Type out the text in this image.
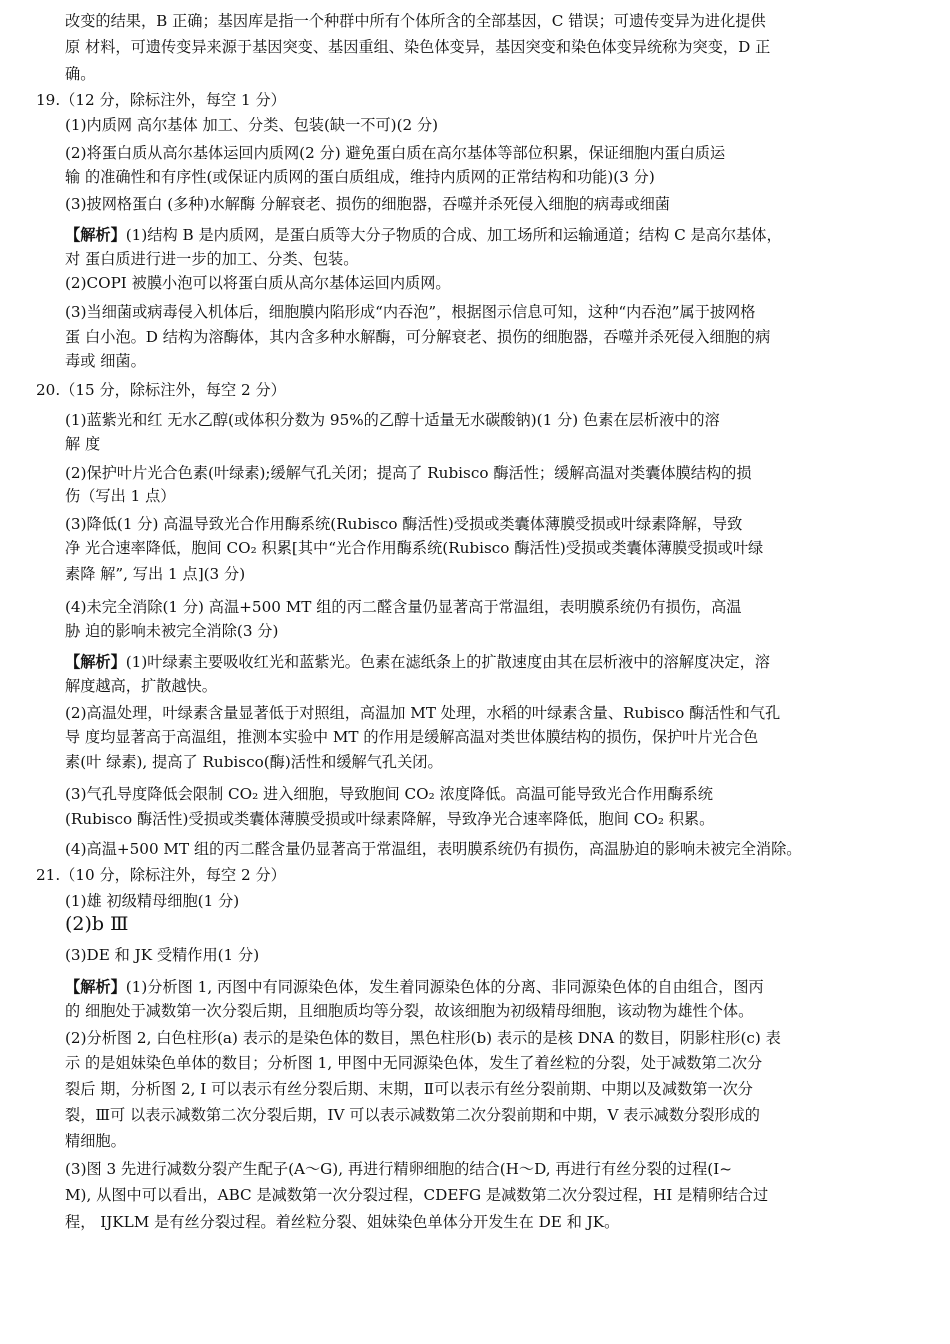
改变的结果，B 正确；基因库是指一个种群中所有个体所含的全部基因，C 错误；可遗传变异为进化提供
原 材料，可遗传变异来源于基因突变、基因重组、染色体变异，基因突变和染色体变异统称为突变，D 正
确。
19.（12 分，除标注外，每空 1 分）
(1)内质网 高尔基体 加工、分类、包装(缺一不可)(2 分)
(2)将蛋白质从高尔基体运回内质网(2 分) 避免蛋白质在高尔基体等部位积累，保证细胞内蛋白质运
输 的准确性和有序性(或保证内质网的蛋白质组成，维持内质网的正常结构和功能)(3 分)
(3)披网格蛋白 (多种)水解酶 分解衰老、损伤的细胞器，吞噬并杀死侵入细胞的病毒或细菌
【解析】(1)结构 B 是内质网，是蛋白质等大分子物质的合成、加工场所和运输通道；结构 C 是高尔基体，
对 蛋白质进行进一步的加工、分类、包装。
(2)COPI 被膜小泡可以将蛋白质从高尔基体运回内质网。
(3)当细菌或病毒侵入机体后，细胞膜内陷形成“内吞泡”，根据图示信息可知，这种“内吞泡”属于披网格
蛋 白小泡。D 结构为溶酶体，其内含多种水解酶，可分解衰老、损伤的细胞器，吞噬并杀死侵入细胞的病
毒或 细菌。
20.（15 分，除标注外，每空 2 分）
(1)蓝紫光和红 无水乙醇(或体积分数为 95%的乙醇十适量无水碳酸钠)(1 分) 色素在层析液中的溶
解 度
(2)保护叶片光合色素(叶绿素);缓解气孔关闭；提高了 Rubisco 酶活性；缓解高温对类囊体膜结构的损
伤（写出 1 点）
(3)降低(1 分) 高温导致光合作用酶系统(Rubisco 酶活性)受损或类囊体薄膜受损或叶绿素降解，导致
净 光合速率降低，胞间 CO₂ 积累[其中“光合作用酶系统(Rubisco 酶活性)受损或类囊体薄膜受损或叶绿
素降 解”, 写出 1 点](3 分)
(4)未完全消除(1 分) 高温+500 MT 组的丙二醛含量仍显著高于常温组，表明膜系统仍有损伤，高温
胁 迫的影响未被完全消除(3 分)
【解析】(1)叶绿素主要吸收红光和蓝紫光。色素在滤纸条上的扩散速度由其在层析液中的溶解度决定，溶
解度越高，扩散越快。
(2)高温处理，叶绿素含量显著低于对照组，高温加 MT 处理，水稻的叶绿素含量、Rubisco 酶活性和气孔
导 度均显著高于高温组，推测本实验中 MT 的作用是缓解高温对类世体膜结构的损伤，保护叶片光合色
素(叶 绿素), 提高了 Rubisco(酶)活性和缓解气孔关闭。
(3)气孔导度降低会限制 CO₂ 进入细胞，导致胞间 CO₂ 浓度降低。高温可能导致光合作用酶系统
(Rubisco 酶活性)受损或类囊体薄膜受损或叶绿素降解，导致净光合速率降低，胞间 CO₂ 积累。
(4)高温+500 MT 组的丙二醛含量仍显著高于常温组，表明膜系统仍有损伤，高温胁迫的影响未被完全消除。
21.（10 分，除标注外，每空 2 分）
(1)雄 初级精母细胞(1 分)
(2)b Ⅲ
(3)DE 和 JK 受精作用(1 分)
【解析】(1)分析图 1, 丙图中有同源染色体，发生着同源染色体的分离、非同源染色体的自由组合，图丙
的 细胞处于减数第一次分裂后期，且细胞质均等分裂，故该细胞为初级精母细胞，该动物为雄性个体。
(2)分析图 2, 白色柱形(a) 表示的是染色体的数目，黑色柱形(b) 表示的是核 DNA 的数目，阴影柱形(c) 表
示 的是姐妹染色单体的数目；分析图 1, 甲图中无同源染色体，发生了着丝粒的分裂，处于减数第二次分
裂后 期，分析图 2, I 可以表示有丝分裂后期、末期，Ⅱ可以表示有丝分裂前期、中期以及减数第一次分
裂，Ⅲ可 以表示减数第二次分裂后期，IV 可以表示减数第二次分裂前期和中期，V 表示减数分裂形成的
精细胞。
(3)图 3 先进行减数分裂产生配子(A～G), 再进行精卵细胞的结合(H～D, 再进行有丝分裂的过程(I~
M), 从图中可以看出，ABC 是减数第一次分裂过程，CDEFG 是减数第二次分裂过程，HI 是精卵结合过
程， IJKLM 是有丝分裂过程。着丝粒分裂、姐妹染色单体分开发生在 DE 和 JK。
